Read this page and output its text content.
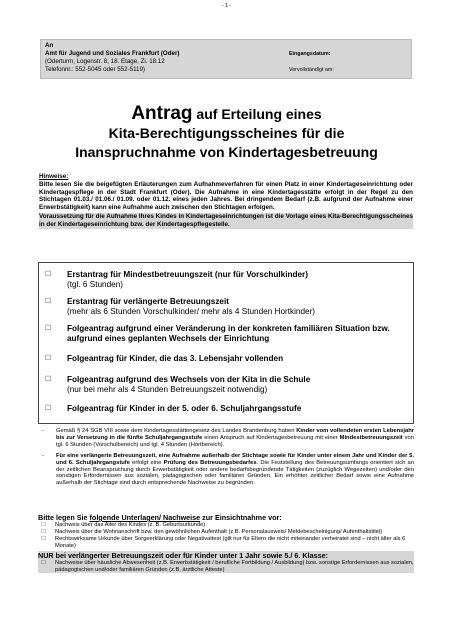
- 1 -
An
Amt für Jugend und Soziales Frankfurt (Oder)
(Oderturm, Logenstr. 8, 18. Etage, Zi. 18.12
Telefonnr.: 552-5045 oder 552-5119)
Eingangsdatum:
Vervollständigt am:
Antrag auf Erteilung eines
Kita-Berechtigungsscheines für die
Inanspruchnahme von Kindertagesbetreuung
Hinweise:
Bitte lesen Sie die beigefügten Erläuterungen zum Aufnahmeverfahren für einen Platz in einer Kindertageseinrichtung oder Kindertagespflege in der Stadt Frankfurt (Oder). Die Aufnahme in eine Kindertagesstätte erfolgt in der Regel zu den Stichtagen 01.03./ 01.06./ 01.09. oder 01.12. eines jeden Jahres. Bei dringendem Bedarf (z.B. aufgrund der Aufnahme einer Erwerbstätigkeit) kann eine Aufnahme auch zwischen den Stichtagen erfolgen.
Voraussetzung für die Aufnahme Ihres Kindes in Kindertageseinrichtungen ist die Vorlage eines Kita-Berechtigungsscheines in der Kindertageseinrichtung bzw. der Kindertagespflegestelle.
☐ Erstantrag für Mindestbetreuungszeit (nur für Vorschulkinder)
(tgl. 6 Stunden)
☐ Erstantrag für verlängerte Betreuungszeit
(mehr als 6 Stunden Vorschulkinder/ mehr als 4 Stunden Hortkinder)
☐ Folgeantrag aufgrund einer Veränderung in der konkreten familiären Situation bzw. aufgrund eines geplanten Wechsels der Einrichtung
☐ Folgeantrag für Kinder, die das 3. Lebensjahr vollenden
☐ Folgeantrag aufgrund des Wechsels von der Kita in die Schule
(nur bei mehr als 4 Stunden Betreuungszeit notwendig)
☐ Folgeantrag für Kinder in der 5. oder 6. Schuljahrgangsstufe
- Gemäß § 24 SGB VIII sowie dem Kindertagesstättengesetz des Landes Brandenburg haben Kinder vom vollendeten ersten Lebensjahr bis zur Versetzung in die fünfte Schuljahrgangsstufe einen Anspruch auf Kindertagesbetreuung mit einer Mindestbetreuungszeit von tgl. 6 Stunden (Vorschulbereich) und tgl. 4 Stunden (Hortbereich).
- Für eine verlängerte Betreuungszeit, eine Aufnahme außerhalb der Stichtage sowie für Kinder unter einem Jahr und Kinder der 5. und 6. Schuljahrgangstufe erfolgt eine Prüfung des Betreuungsbedarfes. Die Feststellung des Betreuungsumfangs orientiert sich an der zeitlichen Beanspruchung durch Erwerbstätigkeit oder andere bedarfsbegründende Tätigkeiten (zuzüglich Wegezeiten) und/oder den sonstigen Erfordernissen aus sozialen, pädagogischen oder familiären Gründen. Ein erhöhter zeitlicher Bedarf sowie eine Aufnahme außerhalb der Stichtage sind durch entsprechende Nachweise zu begründen.
Bitte legen Sie folgende Unterlagen/ Nachweise zur Einsichtnahme vor:
☐ Nachweis über das Alter des Kindes (z. B. Geburtsurkunde)
☐ Nachweis über die Wohnanschrift bzw. den gewöhnlichen Aufenthalt (z.B. Personalausweis/ Meldebescheinigung/ Aufenthaltstitel)
☐ Rechtswirksame Urkunde über Sorgeerklärung oder Negativattest (gilt nur für Eltern die nicht miteinander verheiratet sind – nicht älter als 6 Monate)
NUR bei verlängerter Betreuungszeit oder für Kinder unter 1 Jahr sowie 5./ 6. Klasse:
☐ Nachweise über häusliche Abwesenheit (z.B. Erwerbstätigkeit / berufliche Fortbildung / Ausbildung) bzw. sonstige Erfordernissen aus sozialen, pädagogischen und/oder familiären Gründen (z.B. ärztliche Atteste)
